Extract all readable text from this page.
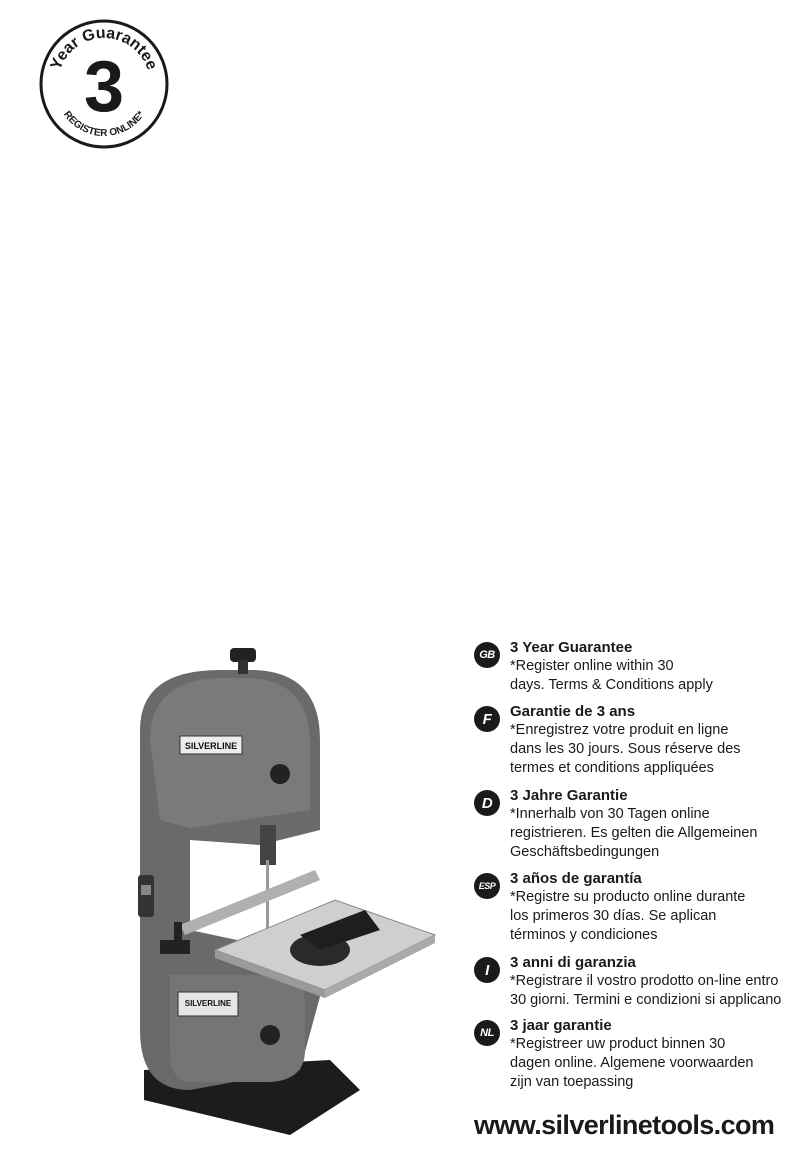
Year Guarantee
3
REGISTER ONLINE*
SILVERLINE
SILVERLINE
GB	3 Year Guarantee
*Register online within 30
days. Terms & Conditions apply
F	Garantie de 3 ans
*Enregistrez votre produit en ligne
dans les 30 jours. Sous réserve des
termes et conditions appliquées
D	3 Jahre Garantie
*Innerhalb von 30 Tagen online
registrieren. Es gelten die Allgemeinen
Geschäftsbedingungen
ESP 3 años de garantía
*Registre su producto online durante
los primeros 30 días. Se aplican
términos y condiciones
I	3 anni di garanzia
*Registrare il vostro prodotto on-line entro
30 giorni. Termini e condizioni si applicano
NL	3 jaar garantie
*Registreer uw product binnen 30
dagen online. Algemene voorwaarden
zijn van toepassing
www.silverlinetools.com
